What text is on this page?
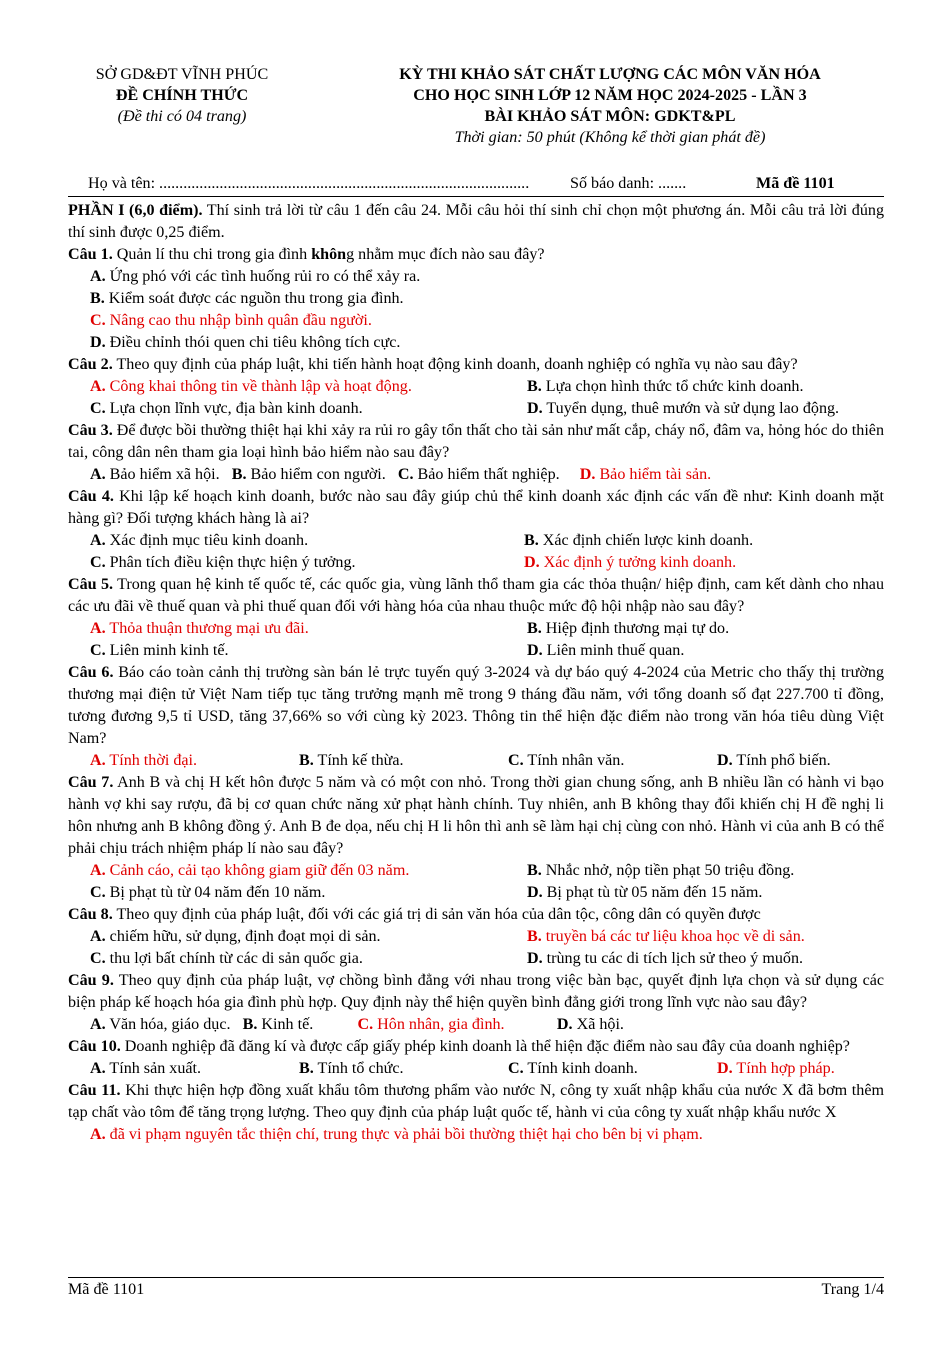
SỞ GD&ĐT VĨNH PHÚC
ĐỀ CHÍNH THỨC
(Đề thi có 04 trang)
KỲ THI KHẢO SÁT CHẤT LƯỢNG CÁC MÔN VĂN HÓA
CHO HỌC SINH LỚP 12 NĂM HỌC 2024-2025 - LẦN 3
BÀI KHẢO SÁT MÔN: GDKT&PL
Thời gian: 50 phút (Không kể thời gian phát đề)
Họ và tên: ............................................................................................	Số báo danh: .......	Mã đề 1101
PHẦN I (6,0 điểm). Thí sinh trả lời từ câu 1 đến câu 24. Mỗi câu hỏi thí sinh chỉ chọn một phương án. Mỗi câu trả lời đúng thí sinh được 0,25 điểm.
Câu 1. Quản lí thu chi trong gia đình không nhằm mục đích nào sau đây?
A. Ứng phó với các tình huống rủi ro có thể xảy ra.
B. Kiểm soát được các nguồn thu trong gia đình.
C. Nâng cao thu nhập bình quân đầu người.
D. Điều chỉnh thói quen chi tiêu không tích cực.
Câu 2. Theo quy định của pháp luật, khi tiến hành hoạt động kinh doanh, doanh nghiệp có nghĩa vụ nào sau đây?
A. Công khai thông tin về thành lập và hoạt động.	B. Lựa chọn hình thức tổ chức kinh doanh.
C. Lựa chọn lĩnh vực, địa bàn kinh doanh.	D. Tuyển dụng, thuê mướn và sử dụng lao động.
Câu 3. Để được bồi thường thiệt hại khi xảy ra rủi ro gây tổn thất cho tài sản như mất cắp, cháy nổ, đâm va, hỏng hóc do thiên tai, công dân nên tham gia loại hình bảo hiểm nào sau đây?
A. Bảo hiểm xã hội. B. Bảo hiểm con người. C. Bảo hiểm thất nghiệp. D. Bảo hiểm tài sản.
Câu 4. Khi lập kế hoạch kinh doanh, bước nào sau đây giúp chủ thể kinh doanh xác định các vấn đề như: Kinh doanh mặt hàng gì? Đối tượng khách hàng là ai?
A. Xác định mục tiêu kinh doanh.	B. Xác định chiến lược kinh doanh.
C. Phân tích điều kiện thực hiện ý tưởng.	D. Xác định ý tưởng kinh doanh.
Câu 5. Trong quan hệ kinh tế quốc tế, các quốc gia, vùng lãnh thổ tham gia các thỏa thuận/ hiệp định, cam kết dành cho nhau các ưu đãi về thuế quan và phi thuế quan đối với hàng hóa của nhau thuộc mức độ hội nhập nào sau đây?
A. Thỏa thuận thương mại ưu đãi.	B. Hiệp định thương mại tự do.
C. Liên minh kinh tế.	D. Liên minh thuế quan.
Câu 6. Báo cáo toàn cảnh thị trường sàn bán lẻ trực tuyến quý 3-2024 và dự báo quý 4-2024 của Metric cho thấy thị trường thương mại điện tử Việt Nam tiếp tục tăng trưởng mạnh mẽ trong 9 tháng đầu năm, với tổng doanh số đạt 227.700 tỉ đồng, tương đương 9,5 tỉ USD, tăng 37,66% so với cùng kỳ 2023. Thông tin thể hiện đặc điểm nào trong văn hóa tiêu dùng Việt Nam?
A. Tính thời đại.	B. Tính kế thừa.	C. Tính nhân văn.	D. Tính phổ biến.
Câu 7. Anh B và chị H kết hôn được 5 năm và có một con nhỏ. Trong thời gian chung sống, anh B nhiều lần có hành vi bạo hành vợ khi say rượu, đã bị cơ quan chức năng xử phạt hành chính. Tuy nhiên, anh B không thay đổi khiến chị H đề nghị li hôn nhưng anh B không đồng ý. Anh B đe dọa, nếu chị H li hôn thì anh sẽ làm hại chị cùng con nhỏ. Hành vi của anh B có thể phải chịu trách nhiệm pháp lí nào sau đây?
A. Cảnh cáo, cải tạo không giam giữ đến 03 năm.	B. Nhắc nhở, nộp tiền phạt 50 triệu đồng.
C. Bị phạt tù từ 04 năm đến 10 năm.	D. Bị phạt tù từ 05 năm đến 15 năm.
Câu 8. Theo quy định của pháp luật, đối với các giá trị di sản văn hóa của dân tộc, công dân có quyền được
A. chiếm hữu, sử dụng, định đoạt mọi di sản.	B. truyền bá các tư liệu khoa học về di sản.
C. thu lợi bất chính từ các di sản quốc gia.	D. trùng tu các di tích lịch sử theo ý muốn.
Câu 9. Theo quy định của pháp luật, vợ chồng bình đẳng với nhau trong việc bàn bạc, quyết định lựa chọn và sử dụng các biện pháp kế hoạch hóa gia đình phù hợp. Quy định này thể hiện quyền bình đẳng giới trong lĩnh vực nào sau đây?
A. Văn hóa, giáo dục. B. Kinh tế.	C. Hôn nhân, gia đình.	D. Xã hội.
Câu 10. Doanh nghiệp đã đăng kí và được cấp giấy phép kinh doanh là thể hiện đặc điểm nào sau đây của doanh nghiệp?
A. Tính sản xuất.	B. Tính tổ chức.	C. Tính kinh doanh.	D. Tính hợp pháp.
Câu 11. Khi thực hiện hợp đồng xuất khẩu tôm thương phẩm vào nước N, công ty xuất nhập khẩu của nước X đã bơm thêm tạp chất vào tôm để tăng trọng lượng. Theo quy định của pháp luật quốc tế, hành vi của công ty xuất nhập khẩu nước X
A. đã vi phạm nguyên tắc thiện chí, trung thực và phải bồi thường thiệt hại cho bên bị vi phạm.
Mã đề 1101	Trang 1/4
